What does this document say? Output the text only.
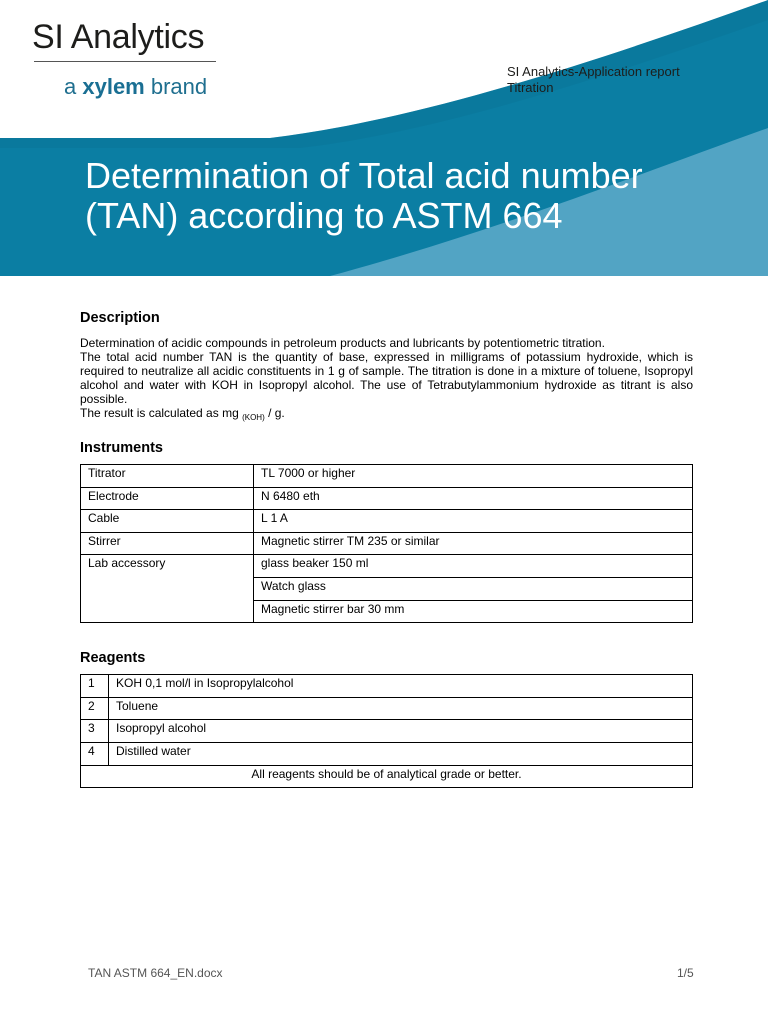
SI Analytics
a xylem brand
SI Analytics-Application report
Titration
Determination of Total acid number
(TAN) according to ASTM 664
Description

Determination of acidic compounds in petroleum products and lubricants by potentiometric titration.

The total acid number TAN is the quantity of base, expressed in milligrams of potassium hydroxide, which is required to neutralize all acidic constituents in 1 g of sample. The titration is done in a mixture of toluene, Isopropyl alcohol and water with KOH in Isopropyl alcohol. The use of Tetrabutylammonium hydroxide as titrant is also possible.

The result is calculated as mg $_{(KOH)}$ / g.

Instruments
Titrator	TL 7000 or higher
Electrode	N 6480 eth
Cable	L 1 A
Stirrer	Magnetic stirrer TM 235 or similar
Lab accessory	glass beaker 150 ml
	Watch glass
	Magnetic stirrer bar 30 mm
Reagents
1	KOH 0,1 mol/l in Isopropylalcohol
2	Toluene
3	Isopropyl alcohol
4	Distilled water
All reagents should be of analytical grade or better.	
TAN ASTM 664_EN.docx	1/5
